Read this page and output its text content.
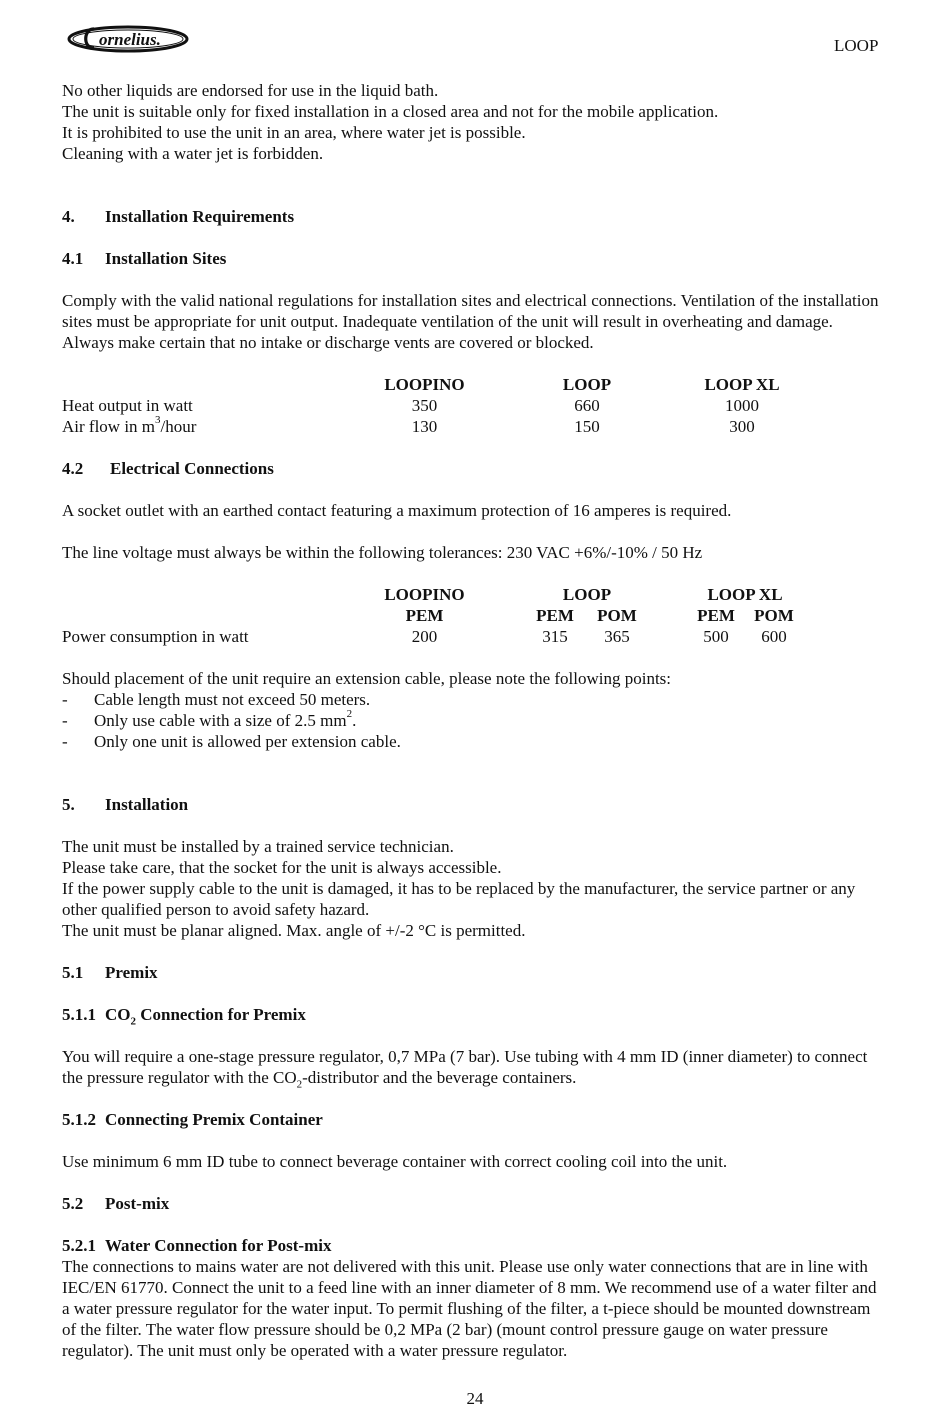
ornelius.	LOOP

No other liquids are endorsed for use in the liquid bath.

The unit is suitable only for fixed installation in a closed area and not for the mobile application.

It is prohibited to use the unit in an area, where water jet is possible.

Cleaning with a water jet is forbidden.

4. Installation Requirements
4.1 Installation Sites

Comply with the valid national regulations for installation sites and electrical connections. Ventilation of the installation sites must be appropriate for unit output. Inadequate ventilation of the unit will result in overheating and damage. Always make certain that no intake or discharge vents are covered or blocked.

	LOOPINO	LOOP	LOOP XL
Heat output in watt	350	660	1000
Air flow in $m^3$/hour	130	150	300
4.2 Electrical Connections

A socket outlet with an earthed contact featuring a maximum protection of 16 amperes is required.

The line voltage must always be within the following tolerances: 230 VAC +6%/-10% / 50 Hz

	LOOPINO	LOOP	LOOP XL
	PEM	PEM POM	PEM POM
Power consumption in watt	200	315 365	500 600

Should placement of the unit require an extension cable, please note the following points:

- Cable length must not exceed 50 meters.
- Only use cable with a size of 2.5 $mm^2$.
- Only one unit is allowed per extension cable.
5. Installation

The unit must be installed by a trained service technician.

Please take care, that the socket for the unit is always accessible.

If the power supply cable to the unit is damaged, it has to be replaced by the manufacturer, the service partner or any other qualified person to avoid safety hazard.

The unit must be planar aligned. Max. angle of +/-2 °C is permitted.

5.1 Premix
5.1.1 $CO_2$ Connection for Premix

You will require a one-stage pressure regulator, 0,7 MPa (7 bar). Use tubing with 4 mm ID (inner diameter) to connect the pressure regulator with the $CO_2$-distributor and the beverage containers.

5.1.2 Connecting Premix Container

Use minimum 6 mm ID tube to connect beverage container with correct cooling coil into the unit.

5.2 Post-mix
5.2.1 Water Connection for Post-mix

The connections to mains water are not delivered with this unit. Please use only water connections that are in line with IEC/EN 61770. Connect the unit to a feed line with an inner diameter of 8 mm. We recommend use of a water filter and a water pressure regulator for the water input. To permit flushing of the filter, a t-piece should be mounted downstream of the filter. The water flow pressure should be 0,2 MPa (2 bar) (mount control pressure gauge on water pressure regulator). The unit must only be operated with a water pressure regulator.

24
